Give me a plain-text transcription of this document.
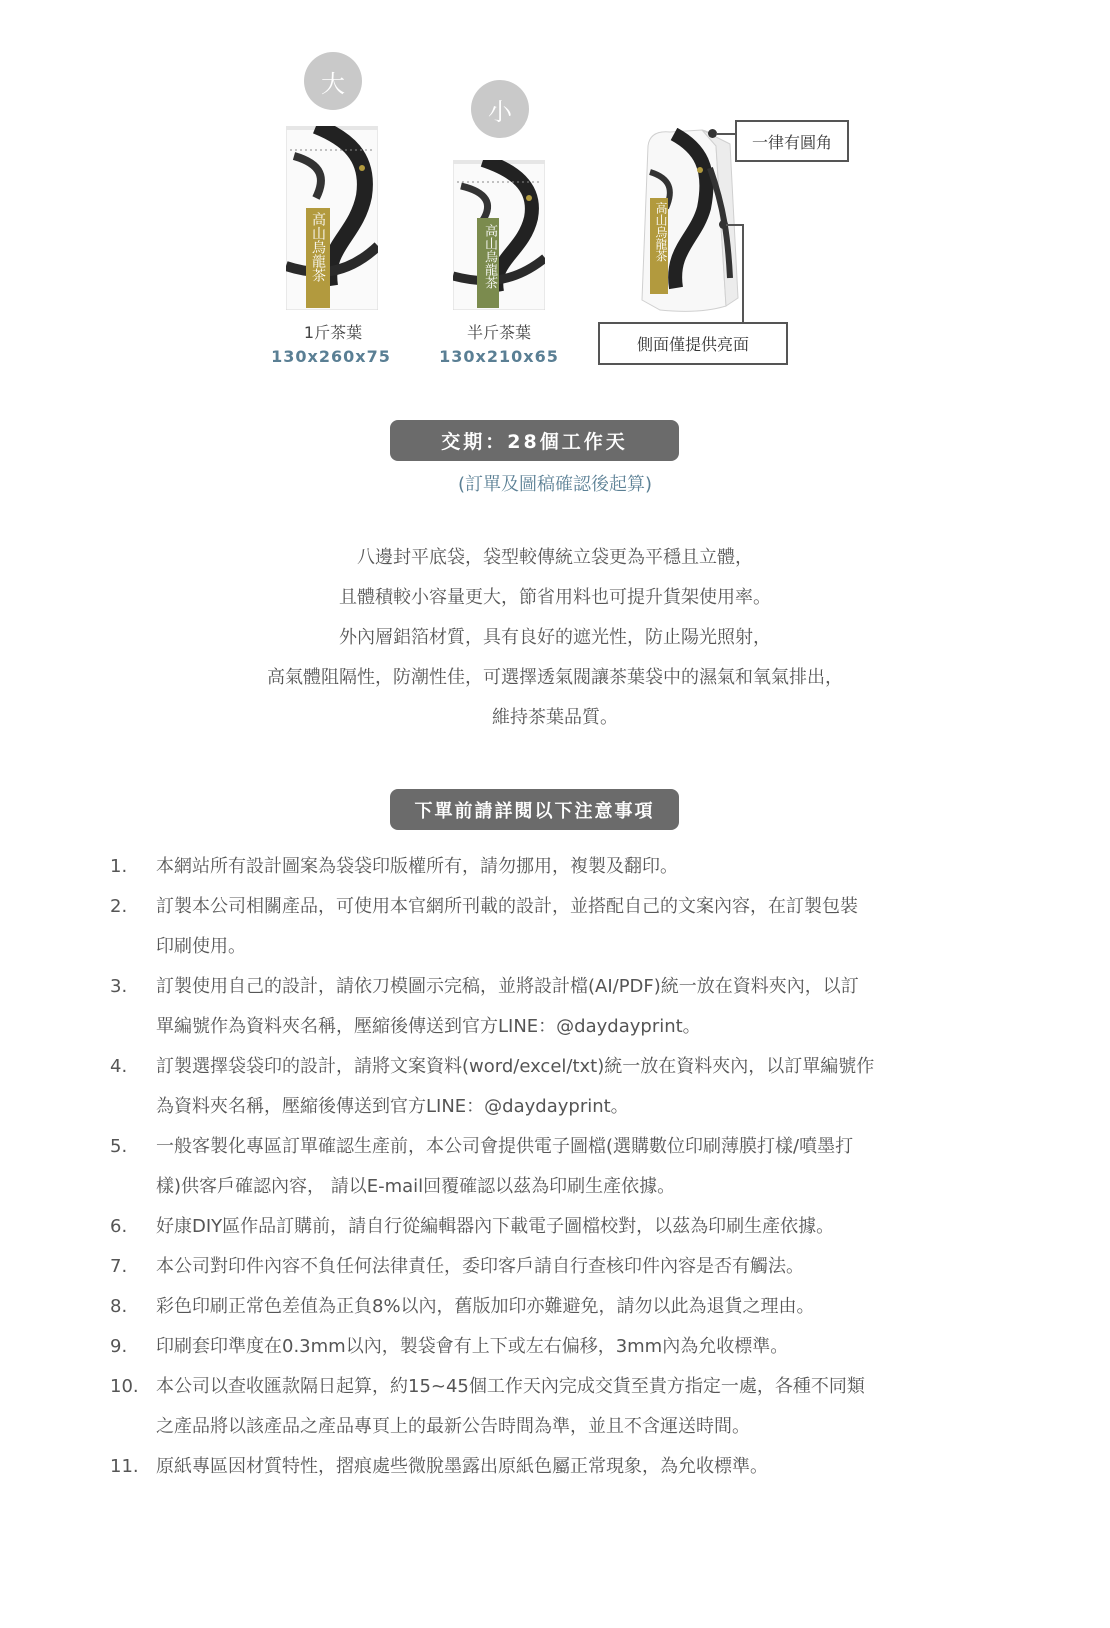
大
小
高山烏龍茶	高山烏龍茶	高山烏龍茶
一律有圓角
側面僅提供亮面
1斤茶葉
130x260x75
半斤茶葉
130x210x65
交期：28個工作天
(訂單及圖稿確認後起算)

八邊封平底袋，袋型較傳統立袋更為平穩且立體，

且體積較小容量更大，節省用料也可提升貨架使用率。

外內層鋁箔材質，具有良好的遮光性，防止陽光照射，

高氣體阻隔性，防潮性佳，可選擇透氣閥讓茶葉袋中的濕氣和氧氣排出，

維持茶葉品質。

下單前請詳閱以下注意事項
1.	本網站所有設計圖案為袋袋印版權所有，請勿挪用，複製及翻印。
2.	訂製本公司相關產品，可使用本官網所刊載的設計，並搭配自己的文案內容，在訂製包裝
印刷使用。
3.	訂製使用自己的設計，請依刀模圖示完稿，並將設計檔(AI/PDF)統一放在資料夾內，以訂
單編號作為資料夾名稱，壓縮後傳送到官方LINE：@daydayprint。
4.	訂製選擇袋袋印的設計，請將文案資料(word/excel/txt)統一放在資料夾內，以訂單編號作
為資料夾名稱，壓縮後傳送到官方LINE：@daydayprint。
5.	一般客製化專區訂單確認生產前，本公司會提供電子圖檔(選購數位印刷薄膜打樣/噴墨打
樣)供客戶確認內容， 請以E-mail回覆確認以茲為印刷生產依據。
6.	好康DIY區作品訂購前，請自行從編輯器內下載電子圖檔校對，以茲為印刷生產依據。
7.	本公司對印件內容不負任何法律責任，委印客戶請自行查核印件內容是否有觸法。
8.	彩色印刷正常色差值為正負8%以內，舊版加印亦難避免，請勿以此為退貨之理由。
9.	印刷套印準度在0.3mm以內，製袋會有上下或左右偏移，3mm內為允收標準。
10. 本公司以查收匯款隔日起算，約15~45個工作天內完成交貨至貴方指定一處，各種不同類
之產品將以該產品之產品專頁上的最新公告時間為準，並且不含運送時間。
11. 原紙專區因材質特性，摺痕處些微脫墨露出原紙色屬正常現象，為允收標準。
